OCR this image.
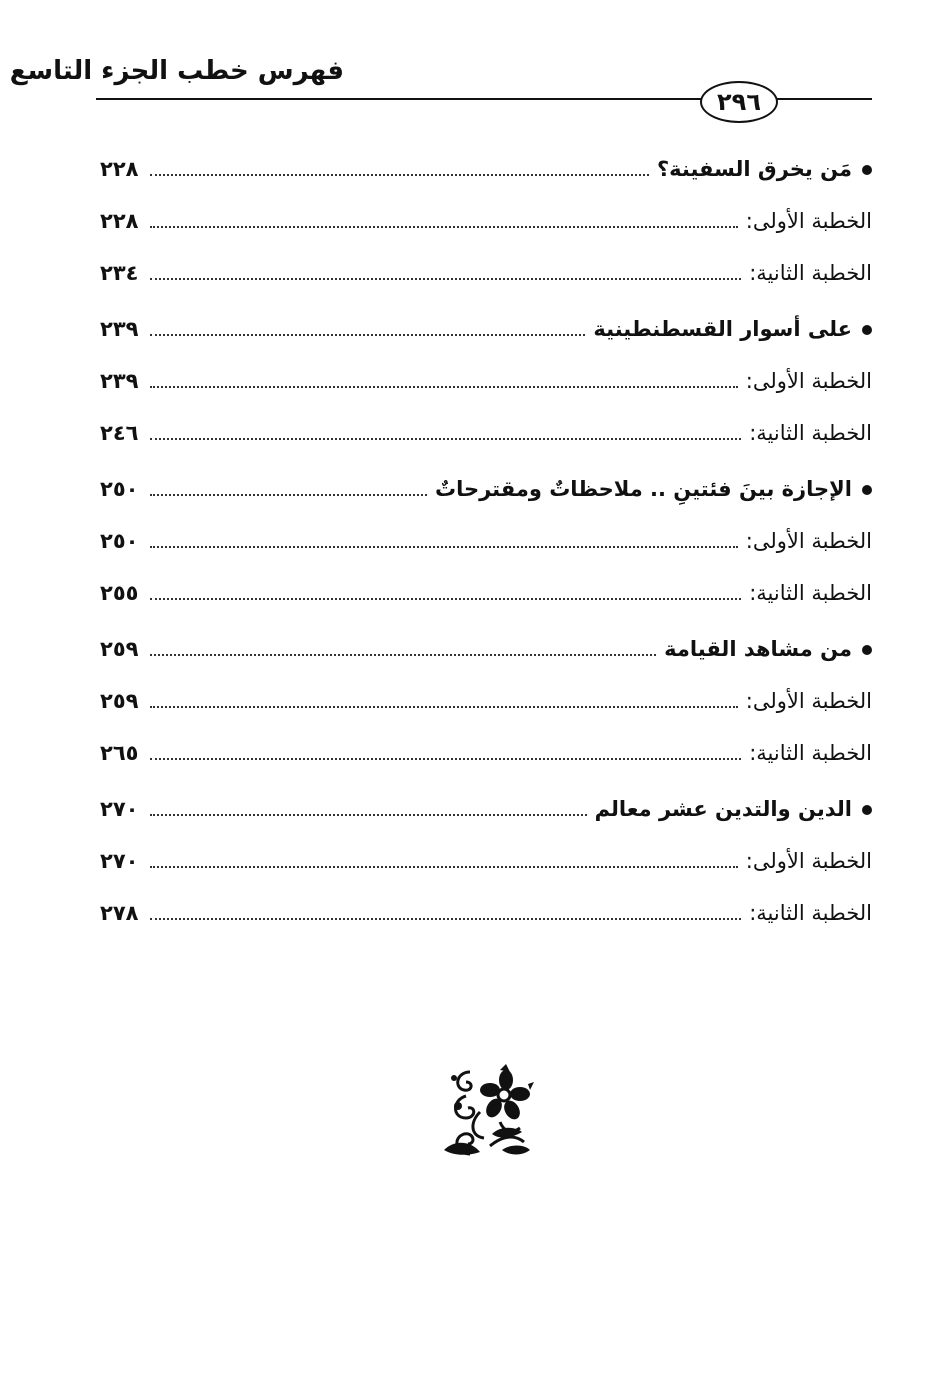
فهرس خطب الجزء التاسع
٢٩٦
مَن يخرق السفينة؟
٢٢٨
الخطبة الأولى:
٢٢٨
الخطبة الثانية:
٢٣٤
على أسوار القسطنطينية
٢٣٩
الخطبة الأولى:
٢٣٩
الخطبة الثانية:
٢٤٦
الإجازة بينَ فئتينِ .. ملاحظاتٌ ومقترحاتٌ
٢٥٠
الخطبة الأولى:
٢٥٠
الخطبة الثانية:
٢٥٥
من مشاهد القيامة
٢٥٩
الخطبة الأولى:
٢٥٩
الخطبة الثانية:
٢٦٥
الدين والتدين عشر معالم
٢٧٠
الخطبة الأولى:
٢٧٠
الخطبة الثانية:
٢٧٨
